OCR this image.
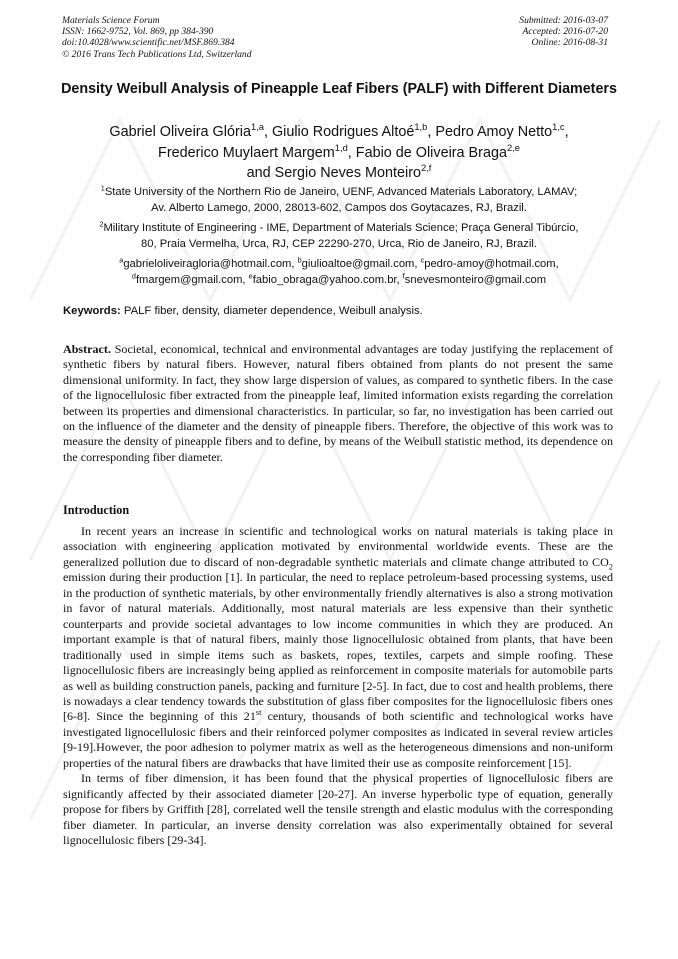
Materials Science Forum
ISSN: 1662-9752, Vol. 869, pp 384-390
doi:10.4028/www.scientific.net/MSF.869.384
© 2016 Trans Tech Publications Ltd, Switzerland
Submitted: 2016-03-07
Accepted: 2016-07-20
Online: 2016-08-31
Density Weibull Analysis of Pineapple Leaf Fibers (PALF) with Different Diameters
Gabriel Oliveira Glória$^{1,a}$, Giulio Rodrigues Altoé$^{1,b}$, Pedro Amoy Netto$^{1,c}$,
Frederico Muylaert Margem$^{1,d}$, Fabio de Oliveira Braga$^{2,e}$
and Sergio Neves Monteiro$^{2,f}$
$^1$State University of the Northern Rio de Janeiro, UENF, Advanced Materials Laboratory, LAMAV;
Av. Alberto Lamego, 2000, 28013-602, Campos dos Goytacazes, RJ, Brazil.
$^2$Military Institute of Engineering - IME, Department of Materials Science; Praça General Tibúrcio,
80, Praia Vermelha, Urca, RJ, CEP 22290-270, Urca, Rio de Janeiro, RJ, Brazil.
$^a$gabrieloliveiragloria@hotmail.com, $^b$giulioaltoe@gmail.com, $^c$pedro-amoy@hotmail.com,
$^d$fmargem@gmail.com, $^e$fabio_obraga@yahoo.com.br, $^f$snevesmonteiro@gmail.com
Keywords: PALF fiber, density, diameter dependence, Weibull analysis.
Abstract. Societal, economical, technical and environmental advantages are today justifying the replacement of synthetic fibers by natural fibers. However, natural fibers obtained from plants do not present the same dimensional uniformity. In fact, they show large dispersion of values, as compared to synthetic fibers. In the case of the lignocellulosic fiber extracted from the pineapple leaf, limited information exists regarding the correlation between its properties and dimensional characteristics. In particular, so far, no investigation has been carried out on the influence of the diameter and the density of pineapple fibers. Therefore, the objective of this work was to measure the density of pineapple fibers and to define, by means of the Weibull statistic method, its dependence on the corresponding fiber diameter.
Introduction

In recent years an increase in scientific and technological works on natural materials is taking place in association with engineering application motivated by environmental worldwide events. These are the generalized pollution due to discard of non-degradable synthetic materials and climate change attributed to $CO_2$ emission during their production [1]. In particular, the need to replace petroleum-based processing systems, used in the production of synthetic materials, by other environmentally friendly alternatives is also a strong motivation in favor of natural materials. Additionally, most natural materials are less expensive than their synthetic counterparts and provide societal advantages to low income communities in which they are produced. An important example is that of natural fibers, mainly those lignocellulosic obtained from plants, that have been traditionally used in simple items such as baskets, ropes, textiles, carpets and simple roofing. These lignocellulosic fibers are increasingly being applied as reinforcement in composite materials for automobile parts as well as building construction panels, packing and furniture [2-5]. In fact, due to cost and health problems, there is nowadays a clear tendency towards the substitution of glass fiber composites for the lignocellulosic fibers ones [6-8]. Since the beginning of this 21st century, thousands of both scientific and technological works have investigated lignocellulosic fibers and their reinforced polymer composites as indicated in several review articles [9-19].However, the poor adhesion to polymer matrix as well as the heterogeneous dimensions and non-uniform properties of the natural fibers are drawbacks that have limited their use as composite reinforcement [15].

In terms of fiber dimension, it has been found that the physical properties of lignocellulosic fibers are significantly affected by their associated diameter [20-27]. An inverse hyperbolic type of equation, generally propose for fibers by Griffith [28], correlated well the tensile strength and elastic modulus with the corresponding fiber diameter. In particular, an inverse density correlation was also experimentally obtained for several lignocellulosic fibers [29-34].
